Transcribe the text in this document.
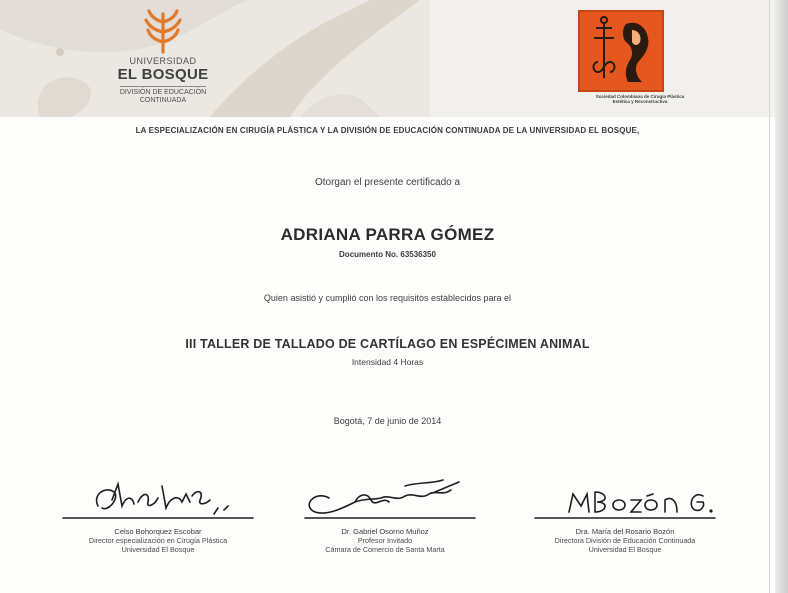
UNIVERSIDAD
EL BOSQUE
DIVISIÓN DE EDUCACIÓN
CONTINUADA
Sociedad Colombiana de Cirugía Plástica
Estética y Reconstructiva
LA ESPECIALIZACIÓN EN CIRUGÍA PLÁSTICA Y LA DIVISIÓN DE EDUCACIÓN CONTINUADA DE LA UNIVERSIDAD EL BOSQUE,
Otorgan el presente certificado a
ADRIANA PARRA GÓMEZ
Documento No. 63536350
Quien asistió y cumplió con los requisitos establecidos para el
III TALLER DE TALLADO DE CARTÍLAGO EN ESPÉCIMEN ANIMAL
Intensidad 4 Horas
Bogotá, 7 de junio de 2014
Celso Bohorquez Escobar
Director especialización en Cirugía Plástica
Universidad El Bosque
Dr. Gabriel Osorno Muñoz
Profesor Invitado
Cámara de Comercio de Santa Marta
Dra. María del Rosario Bozón
Directora División de Educación Continuada
Universidad El Bosque
